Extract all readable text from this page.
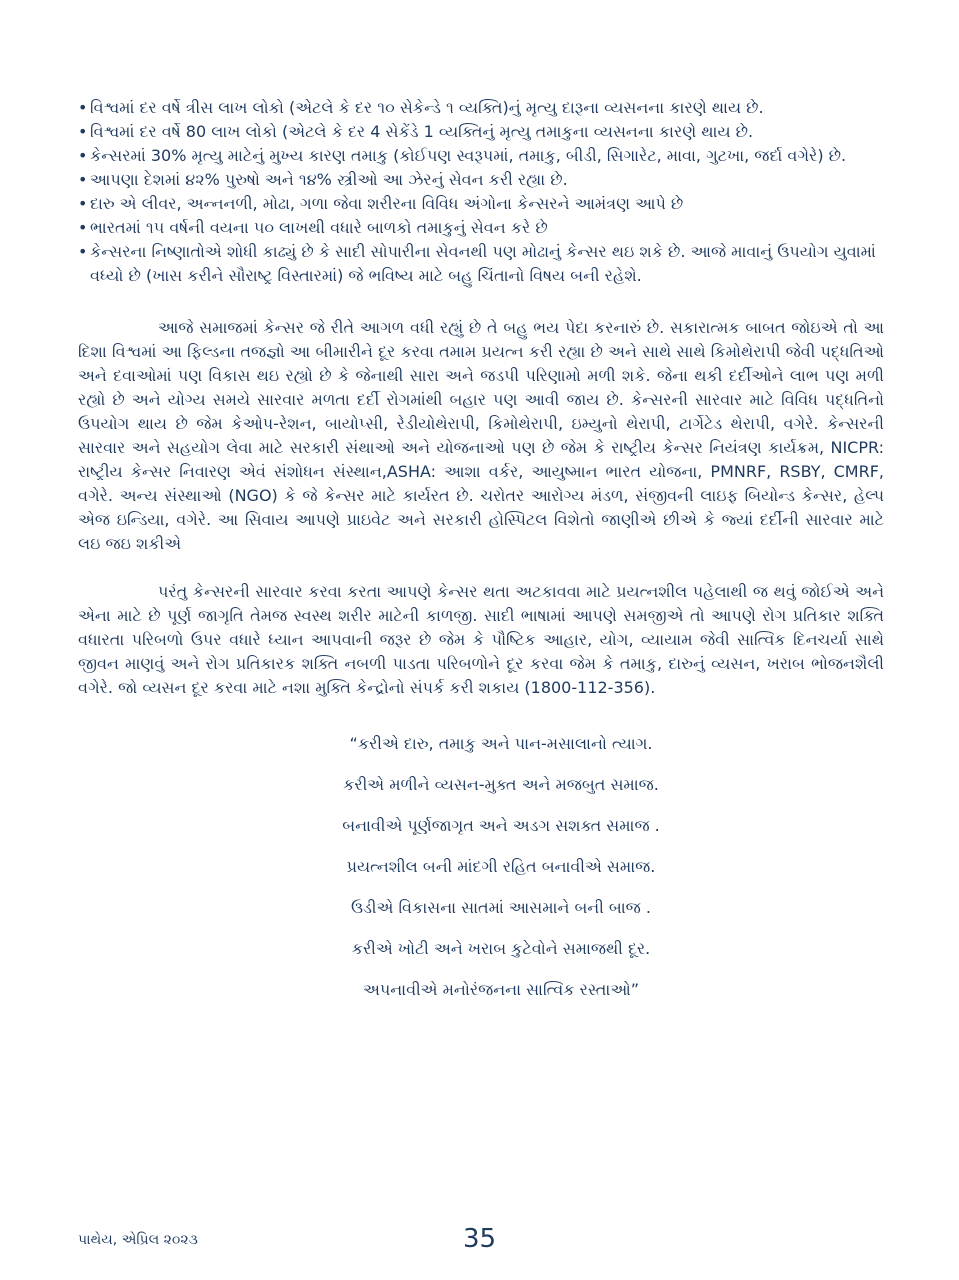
• વિશ્વમાં દર વર્ષે ત્રીસ લાખ લોકો (એટલે કે દર ૧૦ સેકેન્ડે ૧ વ્યક્તિ)નું મૃત્યુ દારૂના વ્યસનના કારણે થાય છે.
• વિશ્વમાં દર વર્ષે 80 લાખ લોકો (એટલે કે દર 4 સેકેંડે 1 વ્યક્તિનું મૃત્યુ તમાકુના વ્યસનના કારણે થાય છે.
• કેન્સરમાં 30% મૃત્યુ માટેનું મુખ્ય કારણ તમાકુ (કોઈપણ સ્વરૂપમાં, તમાકુ, બીડી, સિગારેટ, માવા, ગુટખા, જર્દા વગેરે) છે.
• આપણા દેશમાં ૪૨% પુરુષો અને ૧૪% સ્ત્રીઓ આ ઝેરનું સેવન કરી રહ્યા છે.
• દારુ એ લીવર, અન્નનળી, મોઢા, ગળા જેવા શરીરના વિવિધ અંગોના કેન્સરને આમંત્રણ આપે છે
• ભારતમાં ૧૫ વર્ષની વયના ૫૦ લાખથી વધારે બાળકો તમાકુનું સેવન કરે છે
• કેન્સરના નિષ્ણાતોએ શોધી કાઢ્યું છે કે સાદી સોપારીના સેવનથી પણ મોઢાનું કેન્સર થઇ શકે છે. આજે માવાનું ઉપયોગ યુવામાં વધ્યો છે (ખાસ કરીને સૌરાષ્ટ્ર વિસ્તારમાં) જે ભવિષ્ય માટે બહુ ચિંતાનો વિષય બની રહેશે.

આજે સમાજમાં કેન્સર જે રીતે આગળ વધી રહ્યું છે તે બહુ ભય પેદા કરનારું છે. સકારાત્મક બાબત જોઇએ તો આ દિશા વિશ્વમાં આ ફિલ્ડના તજજ્ઞો આ બીમારીને દૂર કરવા તમામ પ્રયત્ન કરી રહ્યા છે અને સાથે સાથે કિમોથેરાપી જેવી પદ્ધતિઓ અને દવાઓમાં પણ વિકાસ થઇ રહ્યો છે કે જેનાથી સારા અને જડપી પરિણામો મળી શકે. જેના થકી દર્દીઓને લાભ પણ મળી રહ્યો છે અને યોગ્ય સમયે સારવાર મળતા દર્દી રોગમાંથી બહાર પણ આવી જાય છે. કેન્સરની સારવાર માટે વિવિધ પદ્ધતિનો ઉપયોગ થાય છે જેમ કેઓપ-રેશન, બાયોપ્સી, રેડીયોથેરાપી, કિમોથેરાપી, ઇમ્યુનો થેરાપી, ટાર્ગેટેડ થેરાપી, વગેરે. કેન્સરની સારવાર અને સહયોગ લેવા માટે સરકારી સંથાઓ અને યોજનાઓ પણ છે જેમ કે રાષ્ટ્રીય કેન્સર નિયંત્રણ કાર્યક્રમ, NICPR: રાષ્ટ્રીય કેન્સર નિવારણ એવં સંશોધન સંસ્થાન,ASHA: આશા વર્કર, આયુષ્માન ભારત યોજના, PMNRF, RSBY, CMRF, વગેરે. અન્ય સંસ્થાઓ (NGO) કે જે કેન્સર માટે કાર્યરત છે. ચરોતર આરોગ્ય મંડળ, સંજીવની લાઇફ બિયોન્ડ કેન્સર, હેલ્પ એજ ઇન્ડિયા, વગેરે. આ સિવાય આપણે પ્રાઇવેટ અને સરકારી હોસ્પિટલ વિશેતો જાણીએ છીએ કે જ્યાં દર્દીની સારવાર માટે લઇ જઇ શકીએ

પરંતુ કેન્સરની સારવાર કરવા કરતા આપણે કેન્સર થતા અટકાવવા માટે પ્રયત્નશીલ પહેલાથી જ થવું જોઈએ અને એના માટે છે પૂર્ણ જાગૃતિ તેમજ સ્વસ્થ શરીર માટેની કાળજી. સાદી ભાષામાં આપણે સમજીએ તો આપણે રોગ પ્રતિકાર શક્તિ વધારતા પરિબળો ઉપર વધારે ધ્યાન આપવાની જરૂર છે જેમ કે પૌષ્ટિક આહાર, યોગ, વ્યાયામ જેવી સાત્વિક દિનચર્યા સાથે જીવન માણવું અને રોગ પ્રતિકારક શક્તિ નબળી પાડતા પરિબળોને દૂર કરવા જેમ કે તમાકુ, દારુનું વ્યસન, ખરાબ ભોજનશૈલી વગેરે. જો વ્યસન દૂર કરવા માટે નશા મુક્તિ કેન્દ્રોનો સંપર્ક કરી શકાય (1800-112-356).

“કરીએ દારુ, તમાકુ અને પાન-મસાલાનો ત્યાગ.
કરીએ મળીને વ્યસન-મુક્ત અને મજબુત સમાજ.
બનાવીએ પૂર્ણજાગૃત અને અડગ સશક્ત સમાજ .
પ્રયત્નશીલ બની માંદગી રહિત બનાવીએ સમાજ.
ઉડીએ વિકાસના સાતમાં આસમાને બની બાજ .
કરીએ ખોટી અને ખરાબ કુટેવોને સમાજથી દૂર.
અપનાવીએ મનોરંજનના સાત્વિક રસ્તાઓ”
પાથેય, એપ્રિલ ૨૦૨૩	35
